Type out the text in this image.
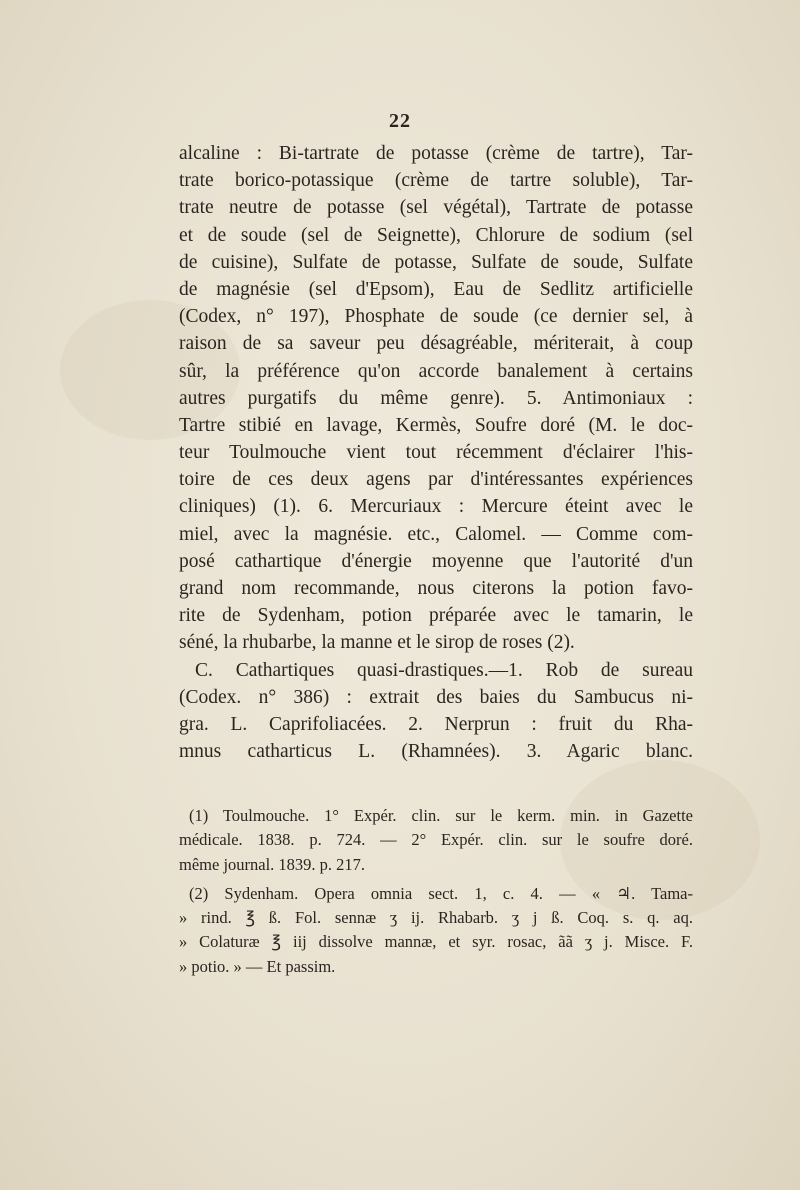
22
alcaline : Bi-tartrate de potasse (crème de tartre), Tar-
trate borico-potassique (crème de tartre soluble), Tar-
trate neutre de potasse (sel végétal), Tartrate de potasse
et de soude (sel de Seignette), Chlorure de sodium (sel
de cuisine), Sulfate de potasse, Sulfate de soude, Sulfate
de magnésie (sel d'Epsom), Eau de Sedlitz artificielle
(Codex, n° 197), Phosphate de soude (ce dernier sel, à
raison de sa saveur peu désagréable, mériterait, à coup
sûr, la préférence qu'on accorde banalement à certains
autres purgatifs du même genre). 5. Antimoniaux :
Tartre stibié en lavage, Kermès, Soufre doré (M. le doc-
teur Toulmouche vient tout récemment d'éclairer l'his-
toire de ces deux agens par d'intéressantes expériences
cliniques) (1). 6. Mercuriaux : Mercure éteint avec le
miel, avec la magnésie. etc., Calomel. — Comme com-
posé cathartique d'énergie moyenne que l'autorité d'un
grand nom recommande, nous citerons la potion favo-
rite de Sydenham, potion préparée avec le tamarin, le
séné, la rhubarbe, la manne et le sirop de roses (2).
C. Cathartiques quasi-drastiques.—1. Rob de sureau
(Codex. n° 386) : extrait des baies du Sambucus ni-
gra. L. Caprifoliacées. 2. Nerprun : fruit du Rha-
mnus catharticus L. (Rhamnées). 3. Agaric blanc.
(1) Toulmouche. 1° Expér. clin. sur le kerm. min. in Gazette
médicale. 1838. p. 724. — 2° Expér. clin. sur le soufre doré.
même journal. 1839. p. 217.
(2) Sydenham. Opera omnia sect. 1, c. 4. — « ♃. Tama-
» rind. ℥ ß. Fol. sennæ ʒ ij. Rhabarb. ʒ j ß. Coq. s. q. aq.
» Colaturæ ℥ iij dissolve mannæ, et syr. rosac, ãã ʒ j. Misce. F.
» potio. » — Et passim.
